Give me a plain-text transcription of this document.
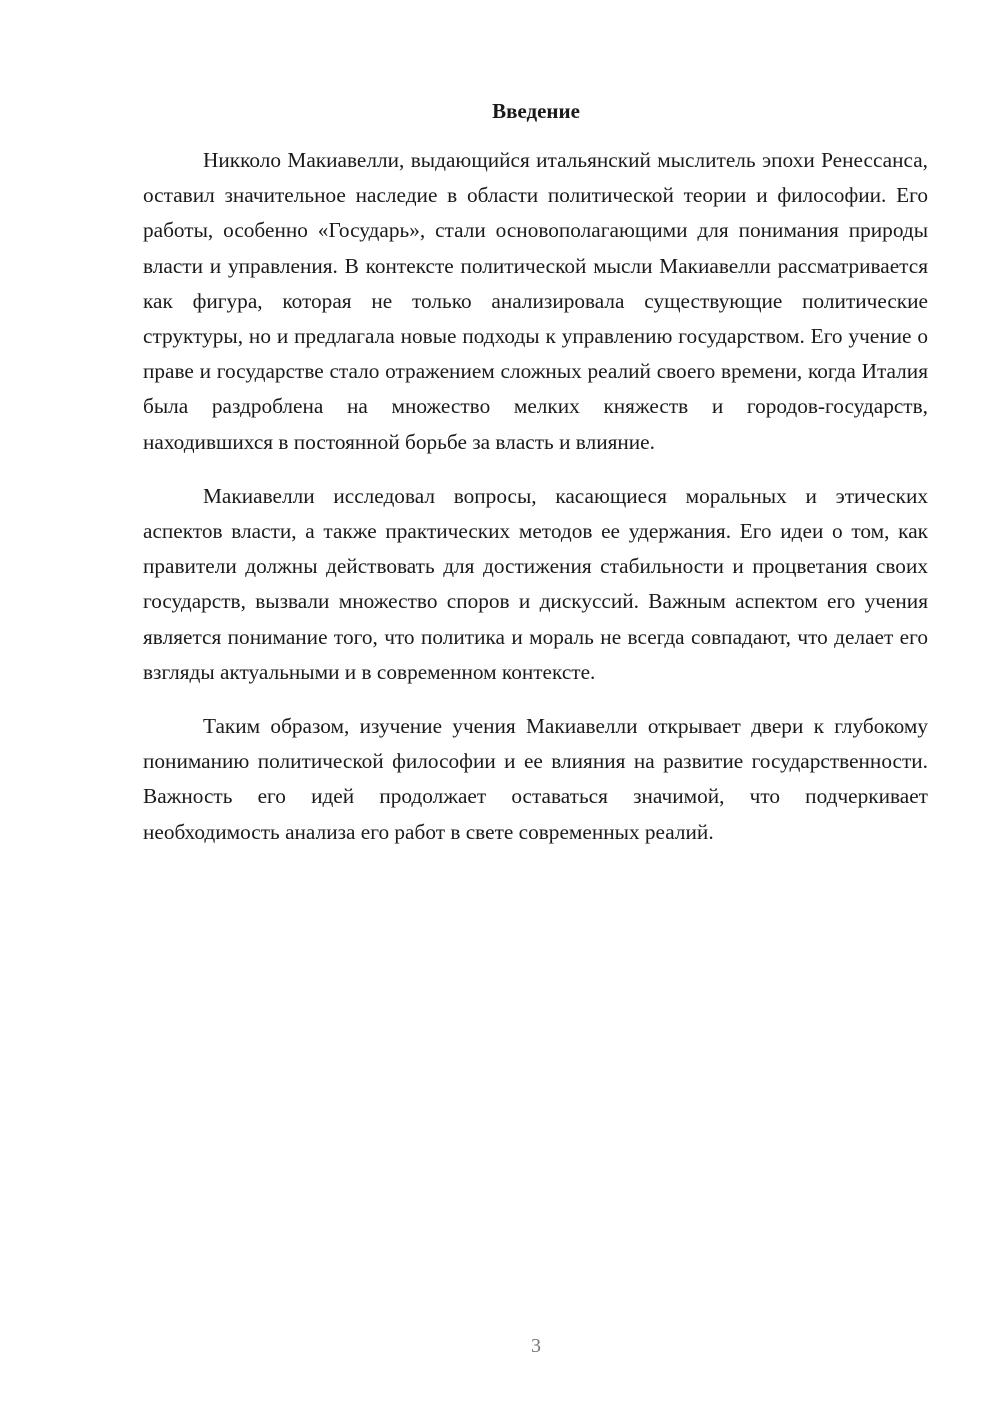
Введение

Никколо Макиавелли, выдающийся итальянский мыслитель эпохи Ренессанса, оставил значительное наследие в области политической теории и философии. Его работы, особенно «Государь», стали основополагающими для понимания природы власти и управления. В контексте политической мысли Макиавелли рассматривается как фигура, которая не только анализировала существующие политические структуры, но и предлагала новые подходы к управлению государством. Его учение о праве и государстве стало отражением сложных реалий своего времени, когда Италия была раздроблена на множество мелких княжеств и городов-государств, находившихся в постоянной борьбе за власть и влияние.

Макиавелли исследовал вопросы, касающиеся моральных и этических аспектов власти, а также практических методов ее удержания. Его идеи о том, как правители должны действовать для достижения стабильности и процветания своих государств, вызвали множество споров и дискуссий. Важным аспектом его учения является понимание того, что политика и мораль не всегда совпадают, что делает его взгляды актуальными и в современном контексте.

Таким образом, изучение учения Макиавелли открывает двери к глубокому пониманию политической философии и ее влияния на развитие государственности. Важность его идей продолжает оставаться значимой, что подчеркивает необходимость анализа его работ в свете современных реалий.

3
